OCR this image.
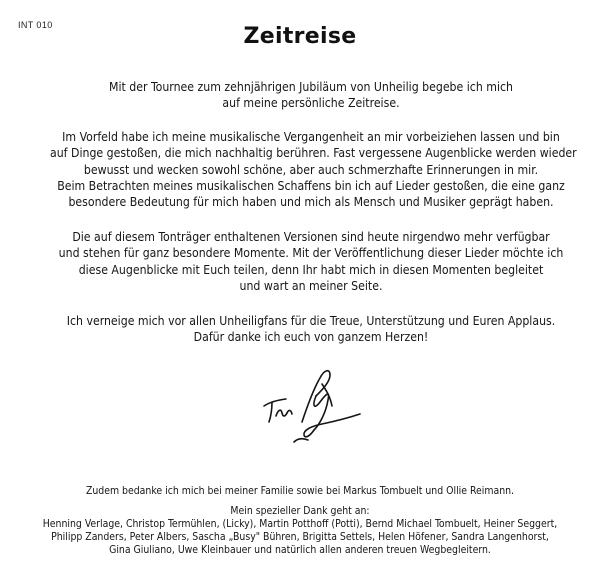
INT 010	Zeitreise
Mit der Tournee zum zehnjährigen Jubiläum von Unheilig begebe ich mich
auf meine persönliche Zeitreise.
Im Vorfeld habe ich meine musikalische Vergangenheit an mir vorbeiziehen lassen und bin
auf Dinge gestoßen, die mich nachhaltig berühren. Fast vergessene Augenblicke werden wieder
bewusst und wecken sowohl schöne, aber auch schmerzhafte Erinnerungen in mir.
Beim Betrachten meines musikalischen Schaffens bin ich auf Lieder gestoßen, die eine ganz
besondere Bedeutung für mich haben und mich als Mensch und Musiker geprägt haben.
Die auf diesem Tonträger enthaltenen Versionen sind heute nirgendwo mehr verfügbar
und stehen für ganz besondere Momente. Mit der Veröffentlichung dieser Lieder möchte ich
diese Augenblicke mit Euch teilen, denn Ihr habt mich in diesen Momenten begleitet
und wart an meiner Seite.
Ich verneige mich vor allen Unheiligfans für die Treue, Unterstützung und Euren Applaus.
Dafür danke ich euch von ganzem Herzen!
Zudem bedanke ich mich bei meiner Familie sowie bei Markus Tombuelt und Ollie Reimann.
Mein spezieller Dank geht an:
Henning Verlage, Christop Termühlen, (Licky), Martin Potthoff (Potti), Bernd Michael Tombuelt, Heiner Seggert,
Philipp Zanders, Peter Albers, Sascha „Busy" Bühren, Brigitta Settels, Helen Höfener, Sandra Langenhorst,
Gina Giuliano, Uwe Kleinbauer und natürlich allen anderen treuen Wegbegleitern.
